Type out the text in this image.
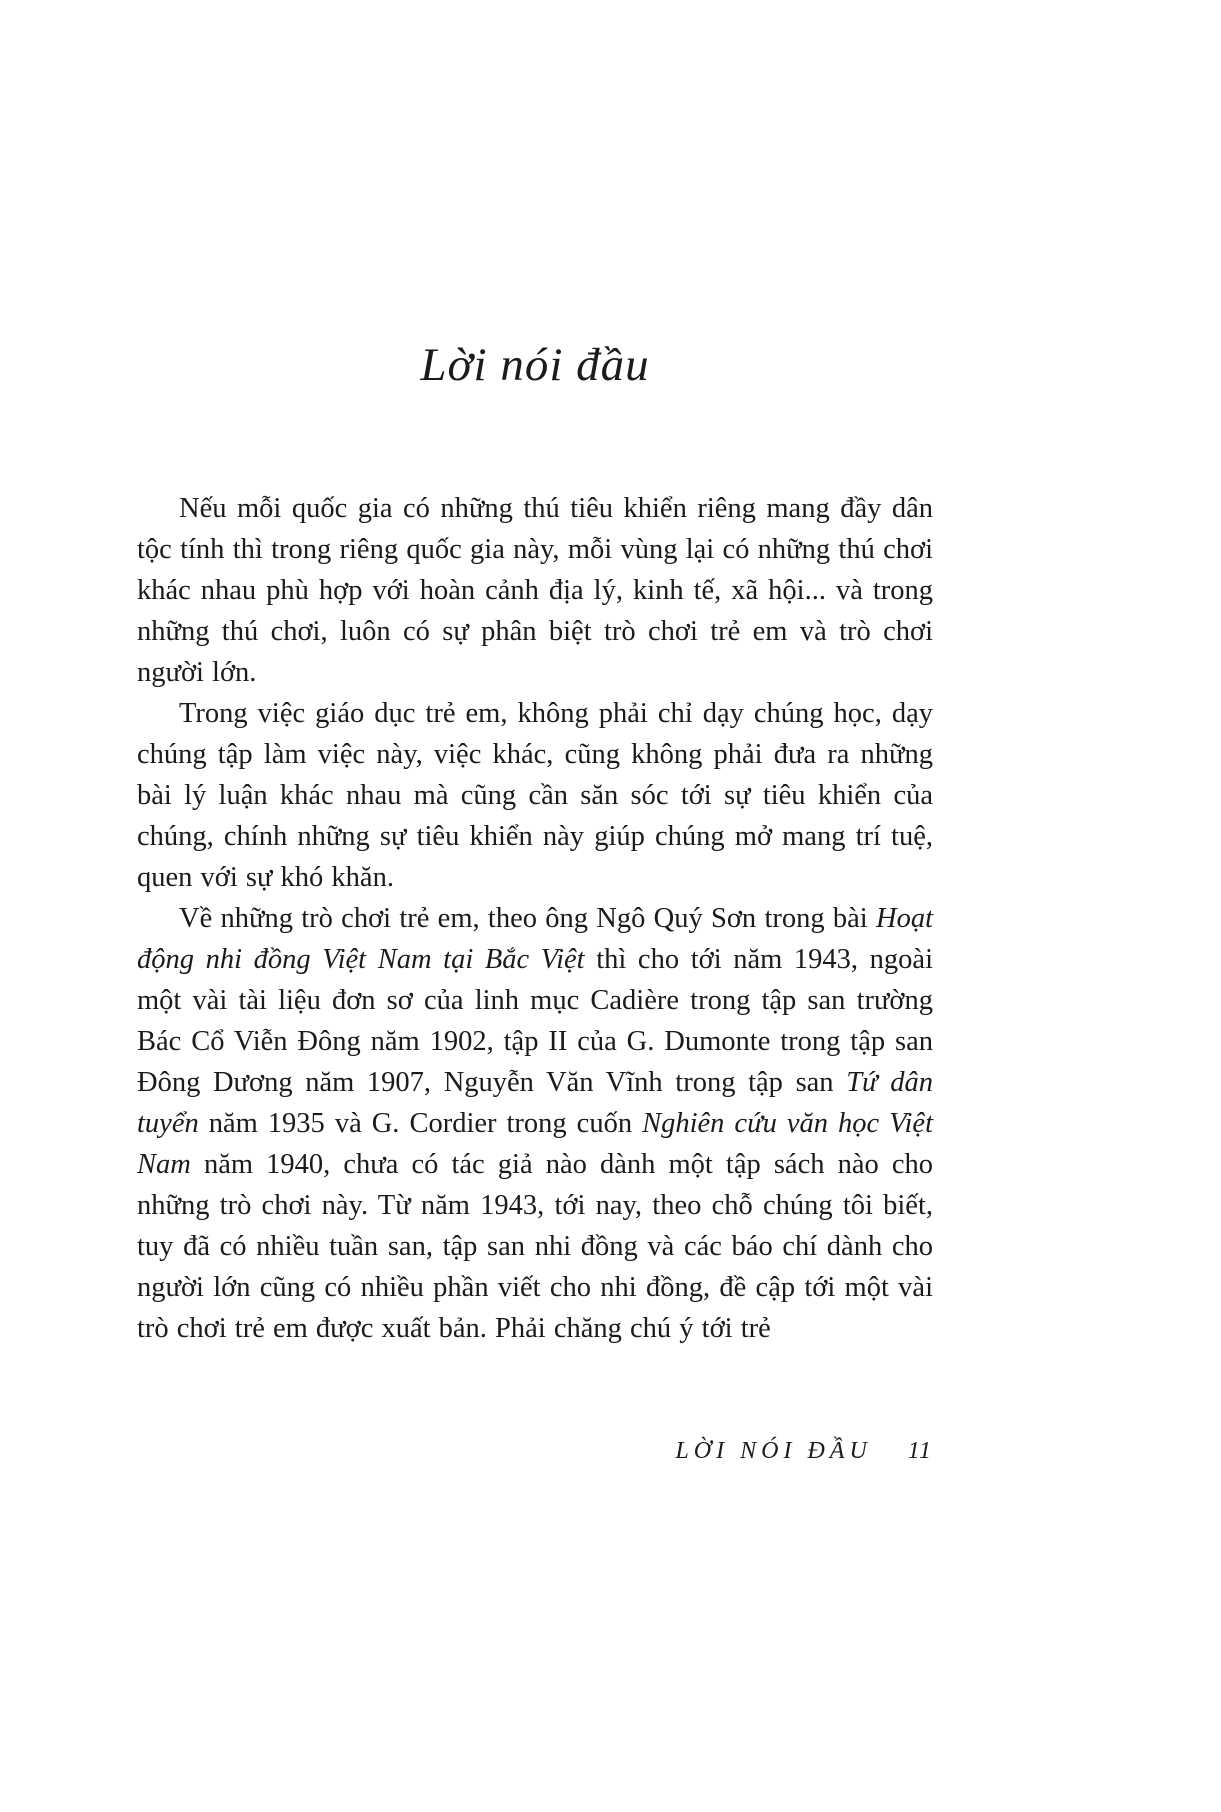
Lời nói đầu

Nếu mỗi quốc gia có những thú tiêu khiển riêng mang đầy dân tộc tính thì trong riêng quốc gia này, mỗi vùng lại có những thú chơi khác nhau phù hợp với hoàn cảnh địa lý, kinh tế, xã hội... và trong những thú chơi, luôn có sự phân biệt trò chơi trẻ em và trò chơi người lớn.

Trong việc giáo dục trẻ em, không phải chỉ dạy chúng học, dạy chúng tập làm việc này, việc khác, cũng không phải đưa ra những bài lý luận khác nhau mà cũng cần săn sóc tới sự tiêu khiển của chúng, chính những sự tiêu khiển này giúp chúng mở mang trí tuệ, quen với sự khó khăn.

Về những trò chơi trẻ em, theo ông Ngô Quý Sơn trong bài Hoạt động nhi đồng Việt Nam tại Bắc Việt thì cho tới năm 1943, ngoài một vài tài liệu đơn sơ của linh mục Cadière trong tập san trường Bác Cổ Viễn Đông năm 1902, tập II của G. Dumonte trong tập san Đông Dương năm 1907, Nguyễn Văn Vĩnh trong tập san Tứ dân tuyển năm 1935 và G. Cordier trong cuốn Nghiên cứu văn học Việt Nam năm 1940, chưa có tác giả nào dành một tập sách nào cho những trò chơi này. Từ năm 1943, tới nay, theo chỗ chúng tôi biết, tuy đã có nhiều tuần san, tập san nhi đồng và các báo chí dành cho người lớn cũng có nhiều phần viết cho nhi đồng, đề cập tới một vài trò chơi trẻ em được xuất bản. Phải chăng chú ý tới trẻ

LỜI NÓI ĐẦU 11
